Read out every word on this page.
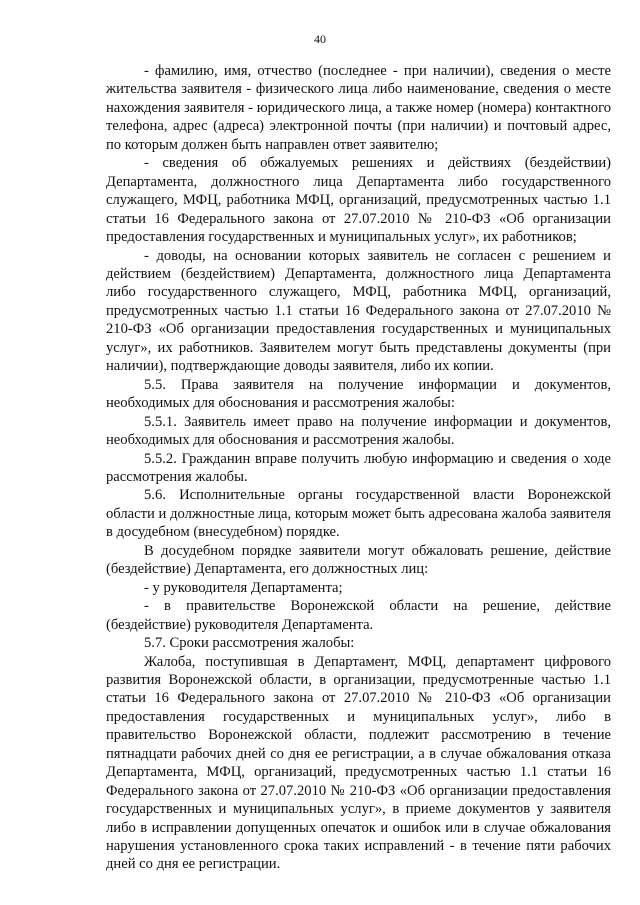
40

- фамилию, имя, отчество (последнее - при наличии), сведения о месте жительства заявителя - физического лица либо наименование, сведения о месте нахождения заявителя - юридического лица, а также номер (номера) контактного телефона, адрес (адреса) электронной почты (при наличии) и почтовый адрес, по которым должен быть направлен ответ заявителю;

- сведения об обжалуемых решениях и действиях (бездействии) Департамента, должностного лица Департамента либо государственного служащего, МФЦ, работника МФЦ, организаций, предусмотренных частью 1.1 статьи 16 Федерального закона от 27.07.2010 № 210-ФЗ «Об организации предоставления государственных и муниципальных услуг», их работников;

- доводы, на основании которых заявитель не согласен с решением и действием (бездействием) Департамента, должностного лица Департамента либо государственного служащего, МФЦ, работника МФЦ, организаций, предусмотренных частью 1.1 статьи 16 Федерального закона от 27.07.2010 № 210-ФЗ «Об организации предоставления государственных и муниципальных услуг», их работников. Заявителем могут быть представлены документы (при наличии), подтверждающие доводы заявителя, либо их копии.

5.5. Права заявителя на получение информации и документов, необходимых для обоснования и рассмотрения жалобы:

5.5.1. Заявитель имеет право на получение информации и документов, необходимых для обоснования и рассмотрения жалобы.

5.5.2. Гражданин вправе получить любую информацию и сведения о ходе рассмотрения жалобы.

5.6. Исполнительные органы государственной власти Воронежской области и должностные лица, которым может быть адресована жалоба заявителя в досудебном (внесудебном) порядке.

В досудебном порядке заявители могут обжаловать решение, действие (бездействие) Департамента, его должностных лиц:

- у руководителя Департамента;

- в правительстве Воронежской области на решение, действие (бездействие) руководителя Департамента.

5.7. Сроки рассмотрения жалобы:

Жалоба, поступившая в Департамент, МФЦ, департамент цифрового развития Воронежской области, в организации, предусмотренные частью 1.1 статьи 16 Федерального закона от 27.07.2010 № 210-ФЗ «Об организации предоставления государственных и муниципальных услуг», либо в правительство Воронежской области, подлежит рассмотрению в течение пятнадцати рабочих дней со дня ее регистрации, а в случае обжалования отказа Департамента, МФЦ, организаций, предусмотренных частью 1.1 статьи 16 Федерального закона от 27.07.2010 № 210-ФЗ «Об организации предоставления государственных и муниципальных услуг», в приеме документов у заявителя либо в исправлении допущенных опечаток и ошибок или в случае обжалования нарушения установленного срока таких исправлений - в течение пяти рабочих дней со дня ее регистрации.
